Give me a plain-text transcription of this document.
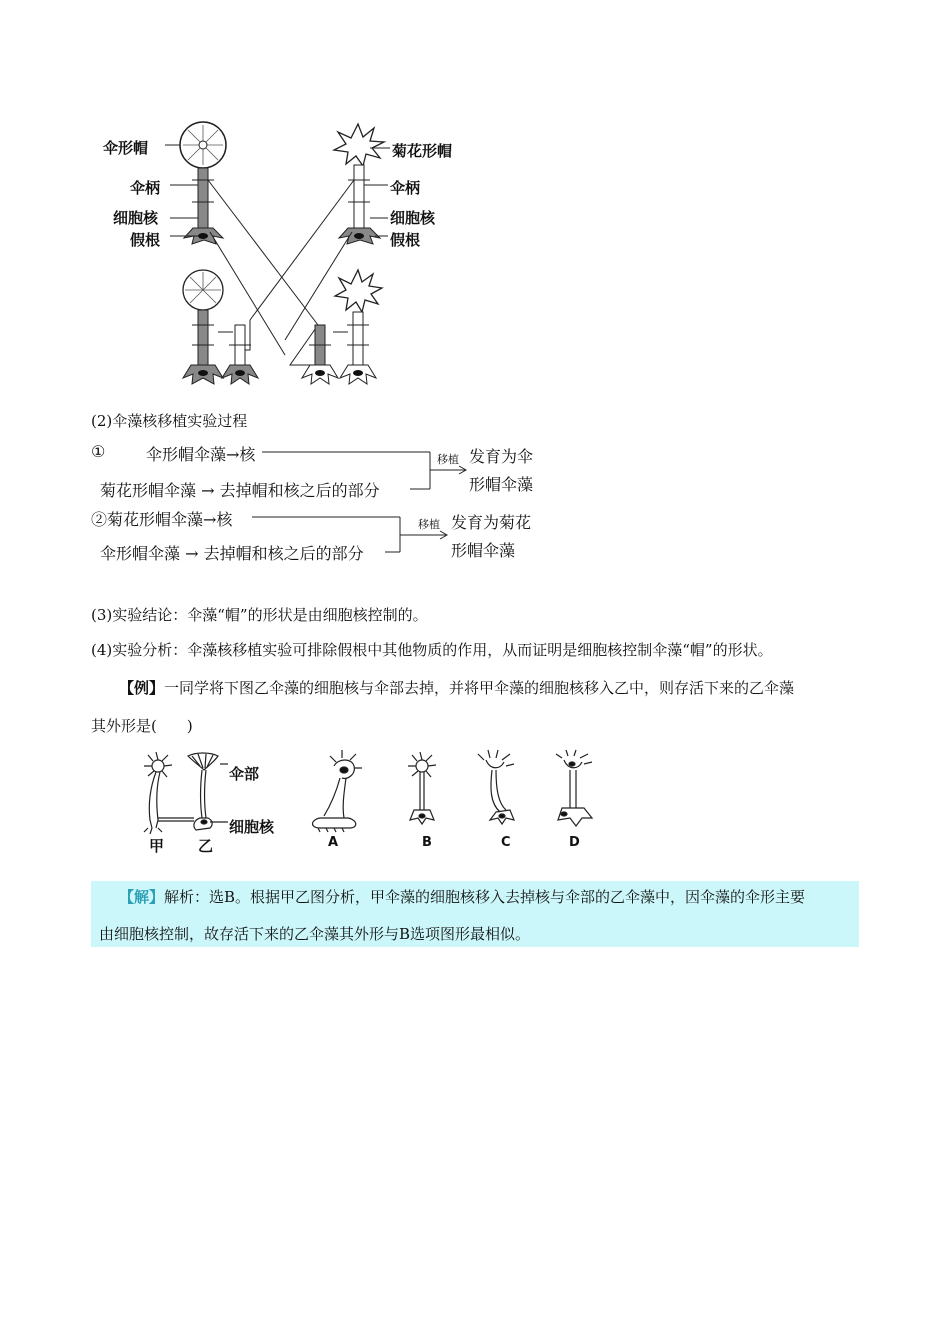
伞形帽
伞柄
细胞核
假根
菊花形帽
伞柄
细胞核
假根
(2)伞藻核移植实验过程
①	伞形帽伞藻→核
菊花形帽伞藻 → 去掉帽和核之后的部分
移植 发育为伞
形帽伞藻
②菊花形帽伞藻→核
伞形帽伞藻 → 去掉帽和核之后的部分
移植 发育为菊花
形帽伞藻
(3)实验结论：伞藻“帽”的形状是由细胞核控制的。
(4)实验分析：伞藻核移植实验可排除假根中其他物质的作用，从而证明是细胞核控制伞藻“帽”的形状。
【例】一同学将下图乙伞藻的细胞核与伞部去掉，并将甲伞藻的细胞核移入乙中，则存活下来的乙伞藻
其外形是(　　)
伞部
细胞核
甲 乙	A	B	C	D
【解】解析：选B。根据甲乙图分析，甲伞藻的细胞核移入去掉核与伞部的乙伞藻中，因伞藻的伞形主要
由细胞核控制，故存活下来的乙伞藻其外形与B选项图形最相似。
